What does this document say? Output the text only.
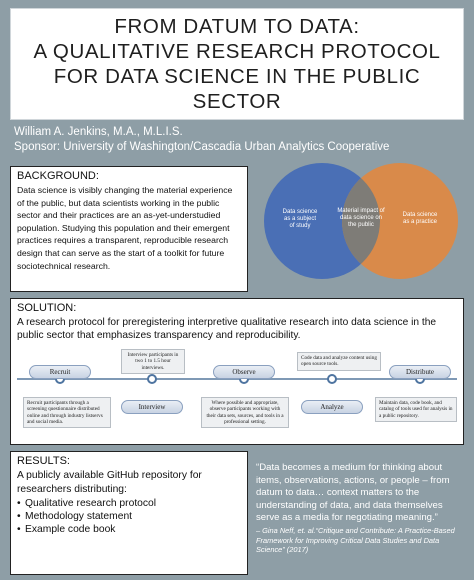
FROM DATUM TO DATA:
A QUALITATIVE RESEARCH PROTOCOL
FOR DATA SCIENCE IN THE PUBLIC
SECTOR
William A. Jenkins, M.A., M.L.I.S.
Sponsor: University of Washington/Cascadia Urban Analytics Cooperative
BACKGROUND:
Data science is visibly changing the material experience of the public, but data scientists working in the public sector and their practices are an as-yet-understudied population. Studying this population and their emergent practices requires a transparent, reproducible research design that can serve as the start of a toolkit for future sociotechnical research.
Data science
as a subject
of study
Material impact of
data science on
the public
Data science
as a practice
SOLUTION:
A research protocol for preregistering interpretive qualitative research into data science in the public sector that emphasizes transparency and reproducibility.
Recruit	Observe	Distribute
Interview	Analyze
Recruit participants through a screening questionnaire distributed online and through industry listservs and social media.
Interview participants in two 1 to 1.5 hour interviews.
Where possible and appropriate, observe participants working with their data sets, sources, and tools in a professional setting.
Code data and analyze content using open source tools.
Maintain data, code book, and catalog of tools used for analysis in a public repository.
RESULTS:
A publicly available GitHub repository for researchers distributing:
• Qualitative research protocol
• Methodology statement
• Example code book
“Data becomes a medium for thinking about items, observations, actions, or people – from datum to data… context matters to the understanding of data, and data themselves serve as a media for negotiating meaning.”
– Gina Neff, et. al.“Critique and Contribute: A Practice-Based Framework for Improving Critical Data Studies and Data Science” (2017)
